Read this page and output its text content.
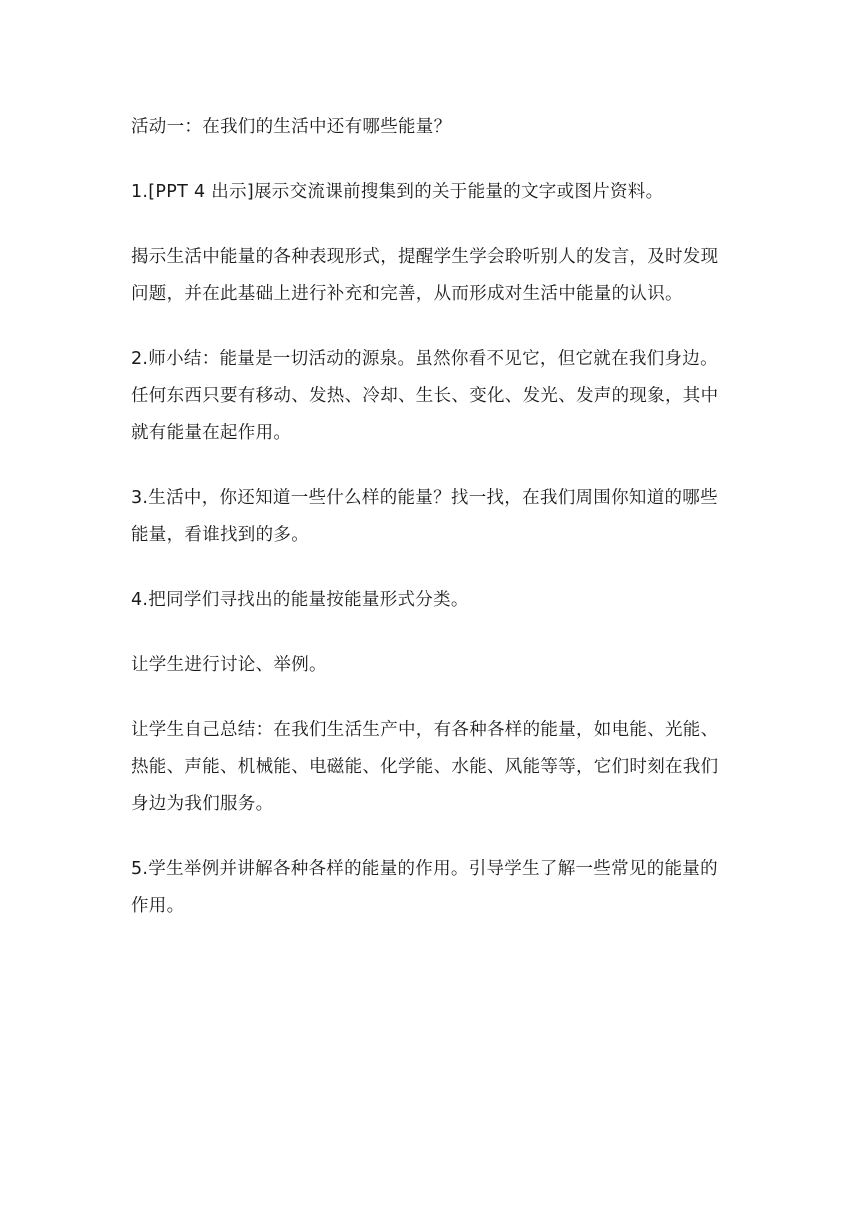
活动一：在我们的生活中还有哪些能量？

1.[PPT 4 出示]展示交流课前搜集到的关于能量的文字或图片资料。

揭示生活中能量的各种表现形式，提醒学生学会聆听别人的发言，及时发现问题，并在此基础上进行补充和完善，从而形成对生活中能量的认识。

2.师小结：能量是一切活动的源泉。虽然你看不见它，但它就在我们身边。任何东西只要有移动、发热、冷却、生长、变化、发光、发声的现象，其中就有能量在起作用。

3.生活中，你还知道一些什么样的能量？找一找，在我们周围你知道的哪些能量，看谁找到的多。

4.把同学们寻找出的能量按能量形式分类。

让学生进行讨论、举例。

让学生自己总结：在我们生活生产中，有各种各样的能量，如电能、光能、热能、声能、机械能、电磁能、化学能、水能、风能等等，它们时刻在我们身边为我们服务。

5.学生举例并讲解各种各样的能量的作用。引导学生了解一些常见的能量的作用。
